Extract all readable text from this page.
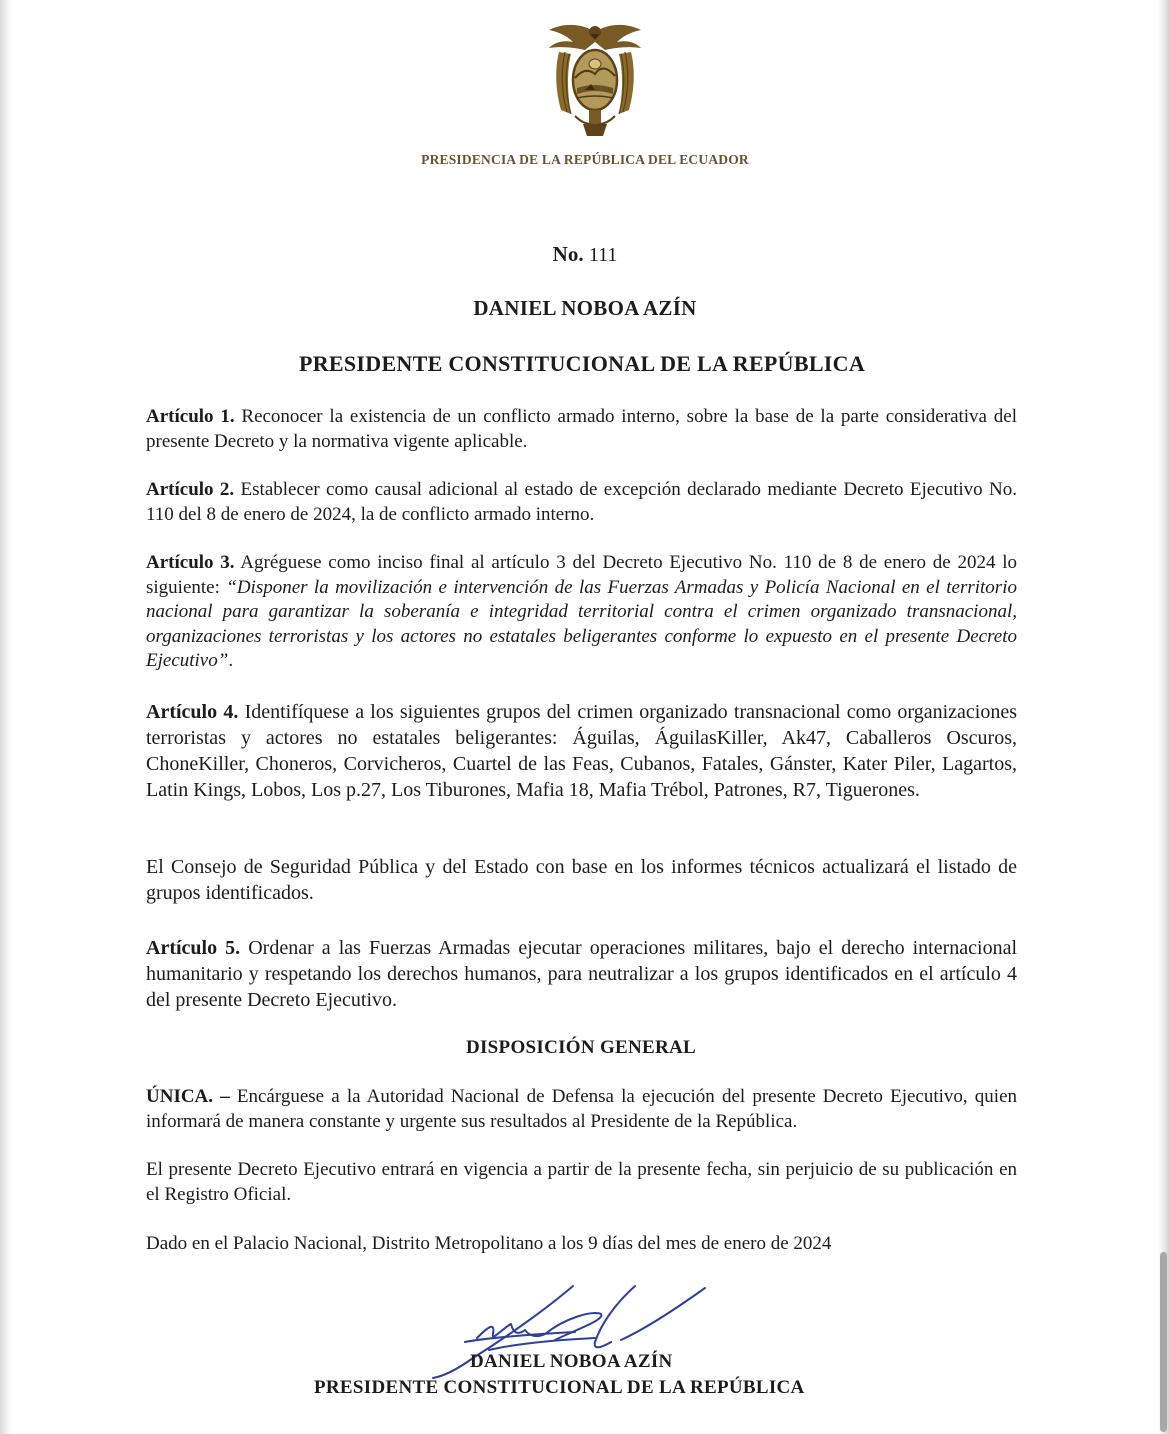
PRESIDENCIA DE LA REPÚBLICA DEL ECUADOR
No. 111
DANIEL NOBOA AZÍN
PRESIDENTE CONSTITUCIONAL DE LA REPÚBLICA

Artículo 1. Reconocer la existencia de un conflicto armado interno, sobre la base de la parte considerativa del presente Decreto y la normativa vigente aplicable.

Artículo 2. Establecer como causal adicional al estado de excepción declarado mediante Decreto Ejecutivo No. 110 del 8 de enero de 2024, la de conflicto armado interno.

Artículo 3. Agréguese como inciso final al artículo 3 del Decreto Ejecutivo No. 110 de 8 de enero de 2024 lo siguiente: “Disponer la movilización e intervención de las Fuerzas Armadas y Policía Nacional en el territorio nacional para garantizar la soberanía e integridad territorial contra el crimen organizado transnacional, organizaciones terroristas y los actores no estatales beligerantes conforme lo expuesto en el presente Decreto Ejecutivo”.

Artículo 4. Identifíquese a los siguientes grupos del crimen organizado transnacional como organizaciones terroristas y actores no estatales beligerantes: Águilas, ÁguilasKiller, Ak47, Caballeros Oscuros, ChoneKiller, Choneros, Corvicheros, Cuartel de las Feas, Cubanos, Fatales, Gánster, Kater Piler, Lagartos, Latin Kings, Lobos, Los p.27, Los Tiburones, Mafia 18, Mafia Trébol, Patrones, R7, Tiguerones.

El Consejo de Seguridad Pública y del Estado con base en los informes técnicos actualizará el listado de grupos identificados.

Artículo 5. Ordenar a las Fuerzas Armadas ejecutar operaciones militares, bajo el derecho internacional humanitario y respetando los derechos humanos, para neutralizar a los grupos identificados en el artículo 4 del presente Decreto Ejecutivo.

DISPOSICIÓN GENERAL

ÚNICA. – Encárguese a la Autoridad Nacional de Defensa la ejecución del presente Decreto Ejecutivo, quien informará de manera constante y urgente sus resultados al Presidente de la República.

El presente Decreto Ejecutivo entrará en vigencia a partir de la presente fecha, sin perjuicio de su publicación en el Registro Oficial.

Dado en el Palacio Nacional, Distrito Metropolitano a los 9 días del mes de enero de 2024

DANIEL NOBOA AZÍN
PRESIDENTE CONSTITUCIONAL DE LA REPÚBLICA
